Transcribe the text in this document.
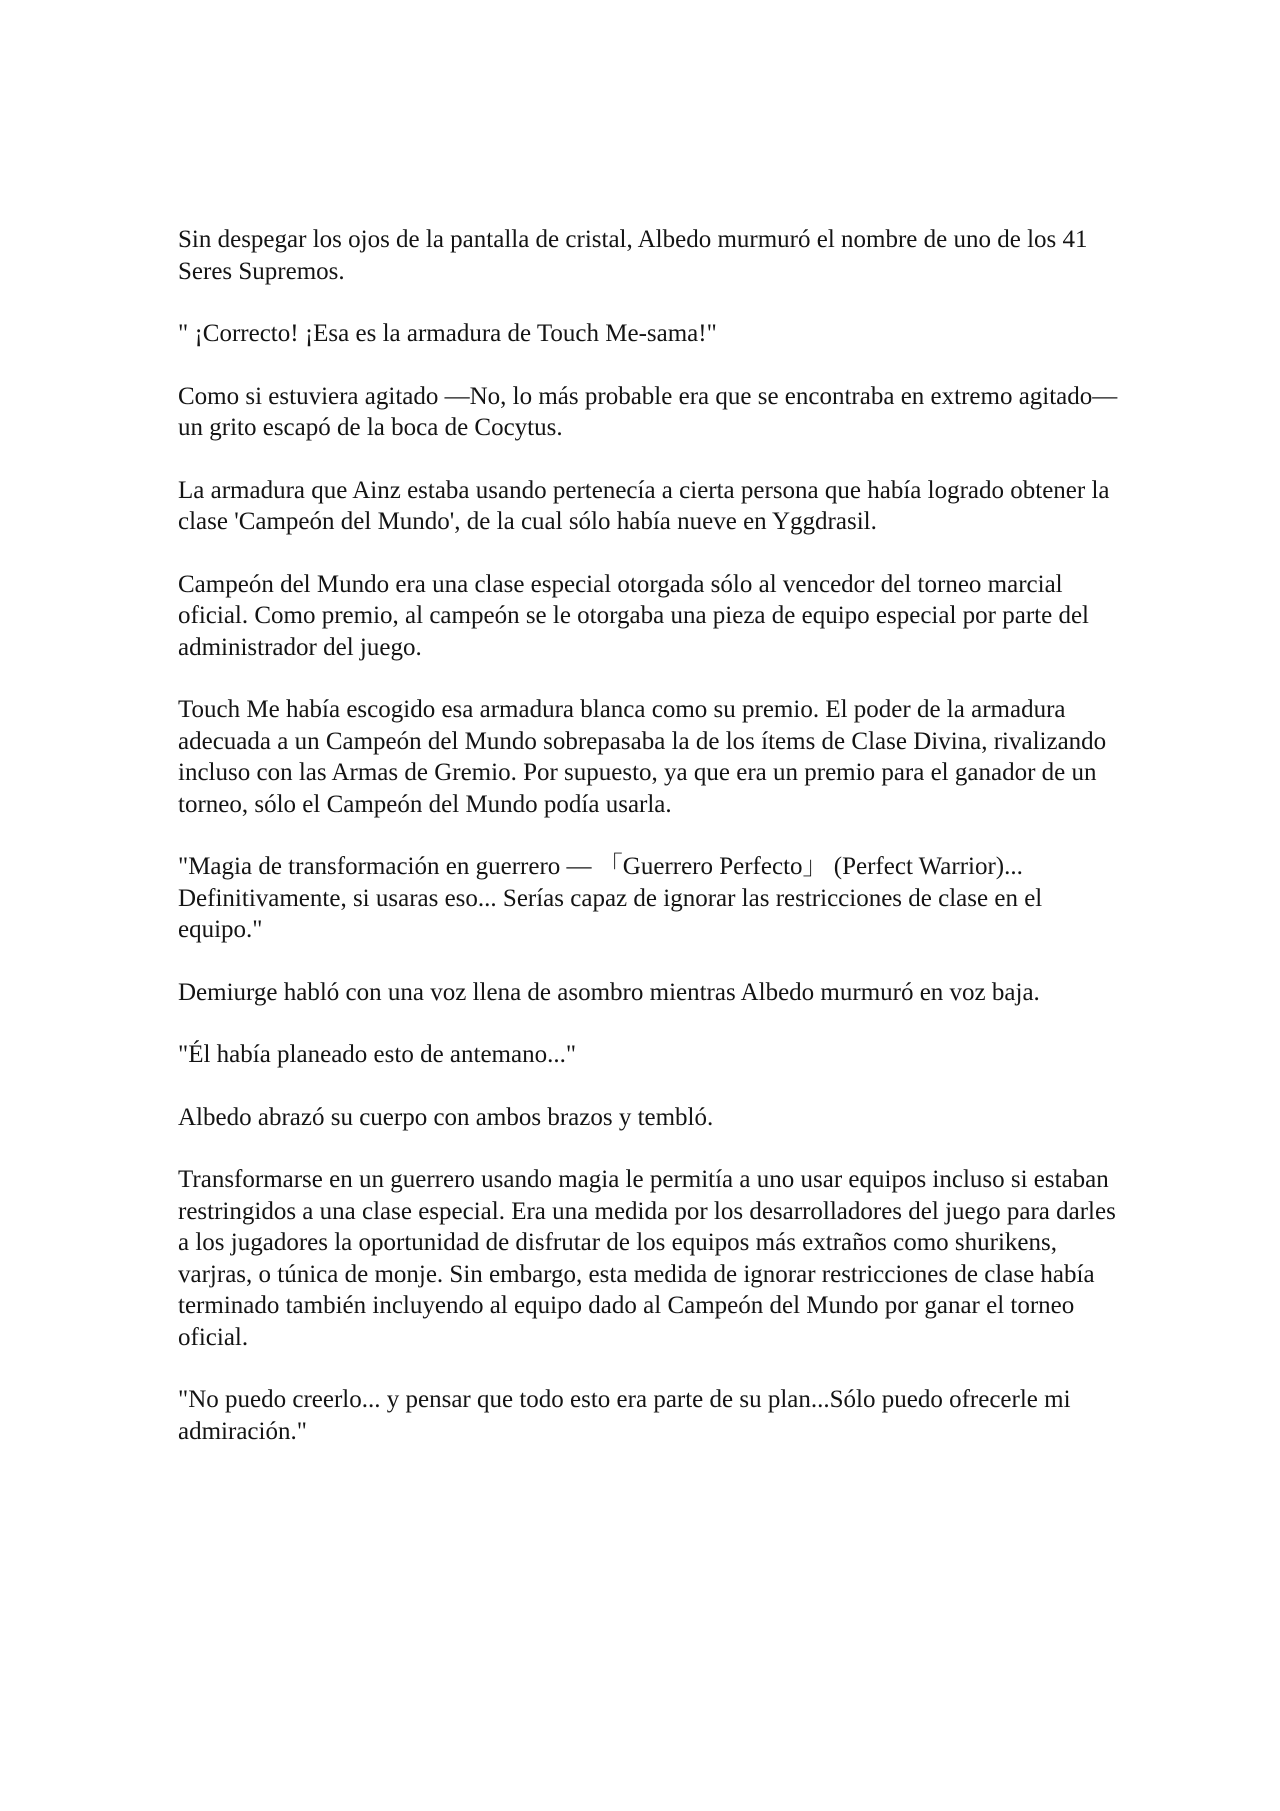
Sin despegar los ojos de la pantalla de cristal, Albedo murmuró el nombre de uno de los 41 Seres Supremos.

" ¡Correcto! ¡Esa es la armadura de Touch Me-sama!"

Como si estuviera agitado —No, lo más probable era que se encontraba en extremo agitado— un grito escapó de la boca de Cocytus.

La armadura que Ainz estaba usando pertenecía a cierta persona que había logrado obtener la clase 'Campeón del Mundo', de la cual sólo había nueve en Yggdrasil.

Campeón del Mundo era una clase especial otorgada sólo al vencedor del torneo marcial oficial. Como premio, al campeón se le otorgaba una pieza de equipo especial por parte del administrador del juego.

Touch Me había escogido esa armadura blanca como su premio. El poder de la armadura adecuada a un Campeón del Mundo sobrepasaba la de los ítems de Clase Divina, rivalizando incluso con las Armas de Gremio. Por supuesto, ya que era un premio para el ganador de un torneo, sólo el Campeón del Mundo podía usarla.

"Magia de transformación en guerrero — 「Guerrero Perfecto」 (Perfect Warrior)... Definitivamente, si usaras eso... Serías capaz de ignorar las restricciones de clase en el equipo."

Demiurge habló con una voz llena de asombro mientras Albedo murmuró en voz baja.

"Él había planeado esto de antemano..."

Albedo abrazó su cuerpo con ambos brazos y tembló.

Transformarse en un guerrero usando magia le permitía a uno usar equipos incluso si estaban restringidos a una clase especial. Era una medida por los desarrolladores del juego para darles a los jugadores la oportunidad de disfrutar de los equipos más extraños como shurikens, varjras, o túnica de monje. Sin embargo, esta medida de ignorar restricciones de clase había terminado también incluyendo al equipo dado al Campeón del Mundo por ganar el torneo oficial.

"No puedo creerlo... y pensar que todo esto era parte de su plan...Sólo puedo ofrecerle mi admiración."
